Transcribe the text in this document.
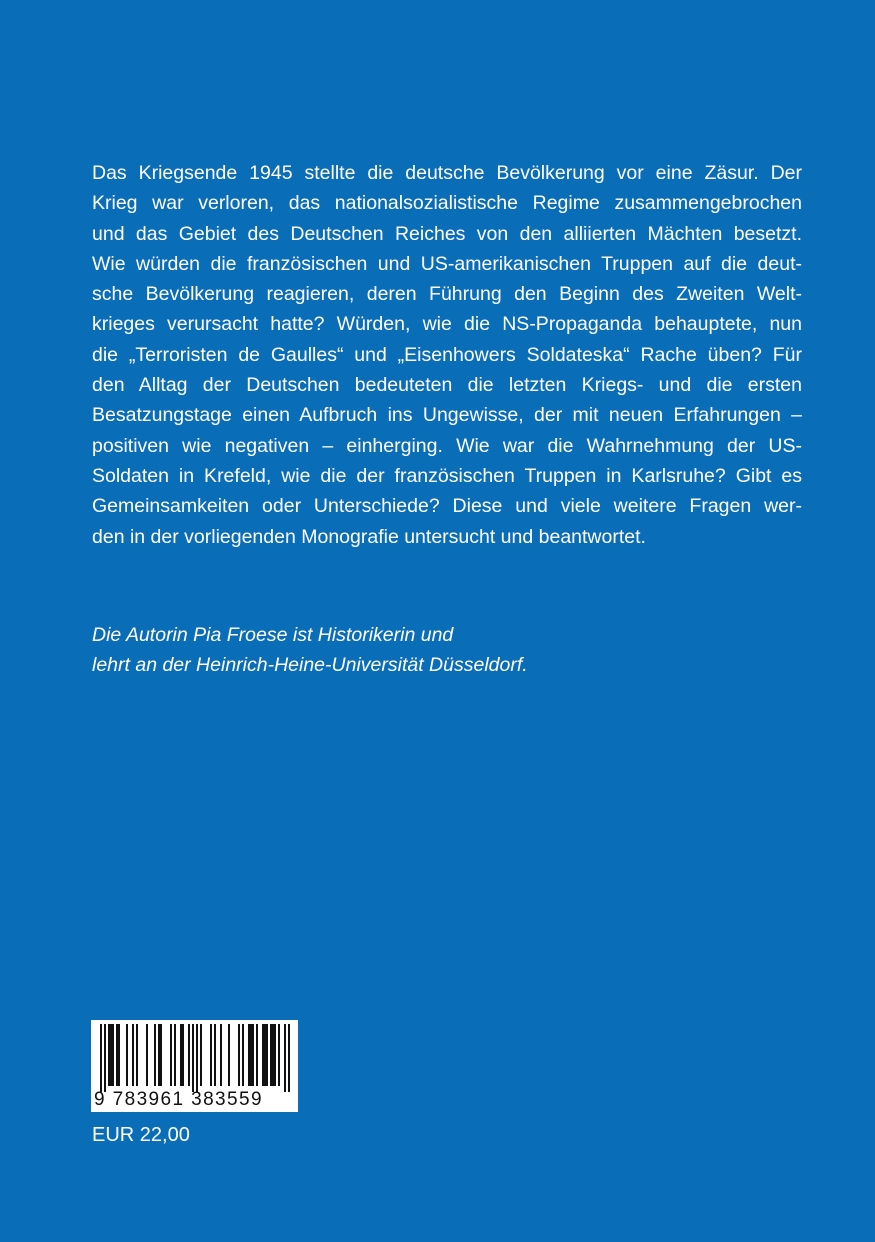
Das Kriegsende 1945 stellte die deutsche Bevölkerung vor eine Zäsur. Der
Krieg war verloren, das nationalsozialistische Regime zusammengebrochen
und das Gebiet des Deutschen Reiches von den alliierten Mächten besetzt.
Wie würden die französischen und US-amerikanischen Truppen auf die deut-
sche Bevölkerung reagieren, deren Führung den Beginn des Zweiten Welt-
krieges verursacht hatte? Würden, wie die NS-Propaganda behauptete, nun
die „Terroristen de Gaulles“ und „Eisenhowers Soldateska“ Rache üben? Für
den Alltag der Deutschen bedeuteten die letzten Kriegs- und die ersten
Besatzungstage einen Aufbruch ins Ungewisse, der mit neuen Erfahrungen –
positiven wie negativen – einherging. Wie war die Wahrnehmung der US-
Soldaten in Krefeld, wie die der französischen Truppen in Karlsruhe? Gibt es
Gemeinsamkeiten oder Unterschiede? Diese und viele weitere Fragen wer-
den in der vorliegenden Monografie untersucht und beantwortet.
Die Autorin Pia Froese ist Historikerin und
lehrt an der Heinrich-Heine-Universität Düsseldorf.
9 783961 383559
EUR 22,00
